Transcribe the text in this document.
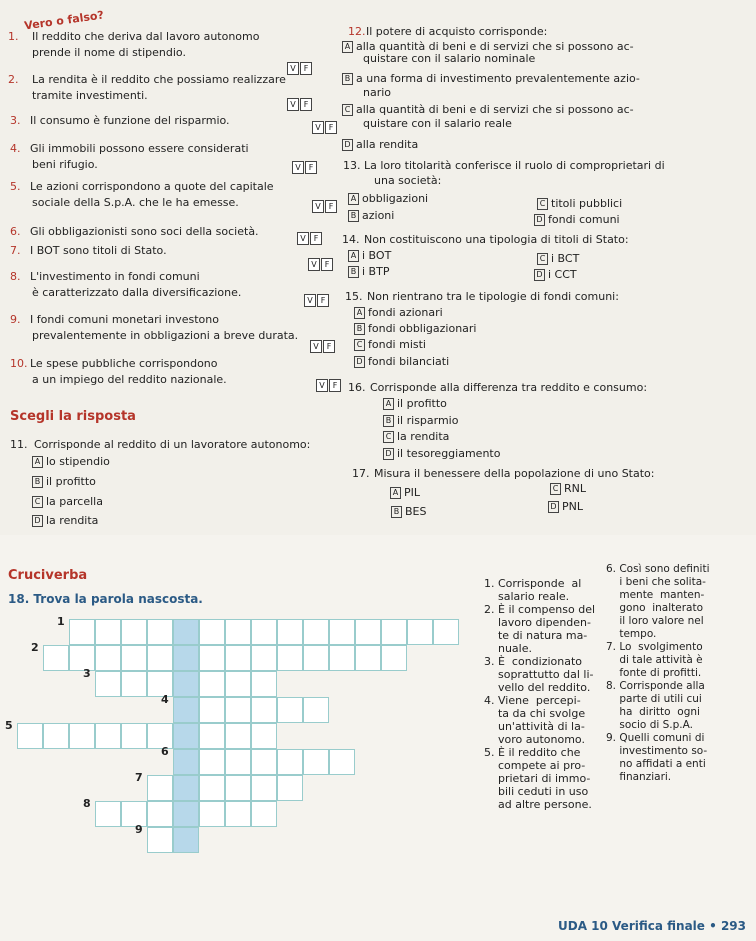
Vero o falso?
1. Il reddito che deriva dal lavoro autonomo
prende il nome di stipendio.
V F
2. La rendita è il reddito che possiamo realizzare
tramite investimenti.
V F
3. Il consumo è funzione del risparmio.
V F
4. Gli immobili possono essere considerati
beni rifugio.	V F
5. Le azioni corrispondono a quote del capitale
sociale della S.p.A. che le ha emesse.	V F
6. Gli obbligazionisti sono soci della società.
V F
7. I BOT sono titoli di Stato.
V F
8. L'investimento in fondi comuni
è caratterizzato dalla diversificazione.
V F
9. I fondi comuni monetari investono
prevalentemente in obbligazioni a breve durata.
V F
10. Le spese pubbliche corrispondono
a un impiego del reddito nazionale.	V F
12. Il potere di acquisto corrisponde:
A alla quantità di beni e di servizi che si possono ac-
quistare con il salario nominale
B a una forma di investimento prevalentemente azio-
nario
C alla quantità di beni e di servizi che si possono ac-
quistare con il salario reale
D alla rendita
13. La loro titolarità conferisce il ruolo di comproprietari di
una società:
A obbligazioni
B azioni
C titoli pubblici
D fondi comuni
14. Non costituiscono una tipologia di titoli di Stato:
A i BOT
B i BTP
C i BCT
D i CCT
15. Non rientrano tra le tipologie di fondi comuni:
A fondi azionari
B fondi obbligazionari
C fondi misti
D fondi bilanciati
16. Corrisponde alla differenza tra reddito e consumo:
A il profitto
B il risparmio
C la rendita
D il tesoreggiamento
17. Misura il benessere della popolazione di uno Stato:
A PIL
B BES
C RNL
D PNL
Scegli la risposta
11. Corrisponde al reddito di un lavoratore autonomo:
A lo stipendio
B il profitto
C la parcella
D la rendita
Cruciverba
18. Trova la parola nascosta.
1
2
3
4
5
6
7
8
9
1. Corrisponde  al
salario reale.
2. È il compenso del
lavoro dipenden-
te di natura ma-
nuale.
3. È  condizionato
soprattutto dal li-
vello del reddito.
4. Viene  percepi-
ta da chi svolge
un'attività di la-
voro autonomo.
5. È il reddito che
compete ai pro-
prietari di immo-
bili ceduti in uso
ad altre persone.
6. Così sono definiti
i beni che solita-
mente  manten-
gono  inalterato
il loro valore nel
tempo.
7. Lo  svolgimento
di tale attività è
fonte di profitti.
8. Corrisponde alla
parte di utili cui
ha  diritto  ogni
socio di S.p.A.
9. Quelli comuni di
investimento so-
no affidati a enti
finanziari.
UDA 10 Verifica finale • 293
